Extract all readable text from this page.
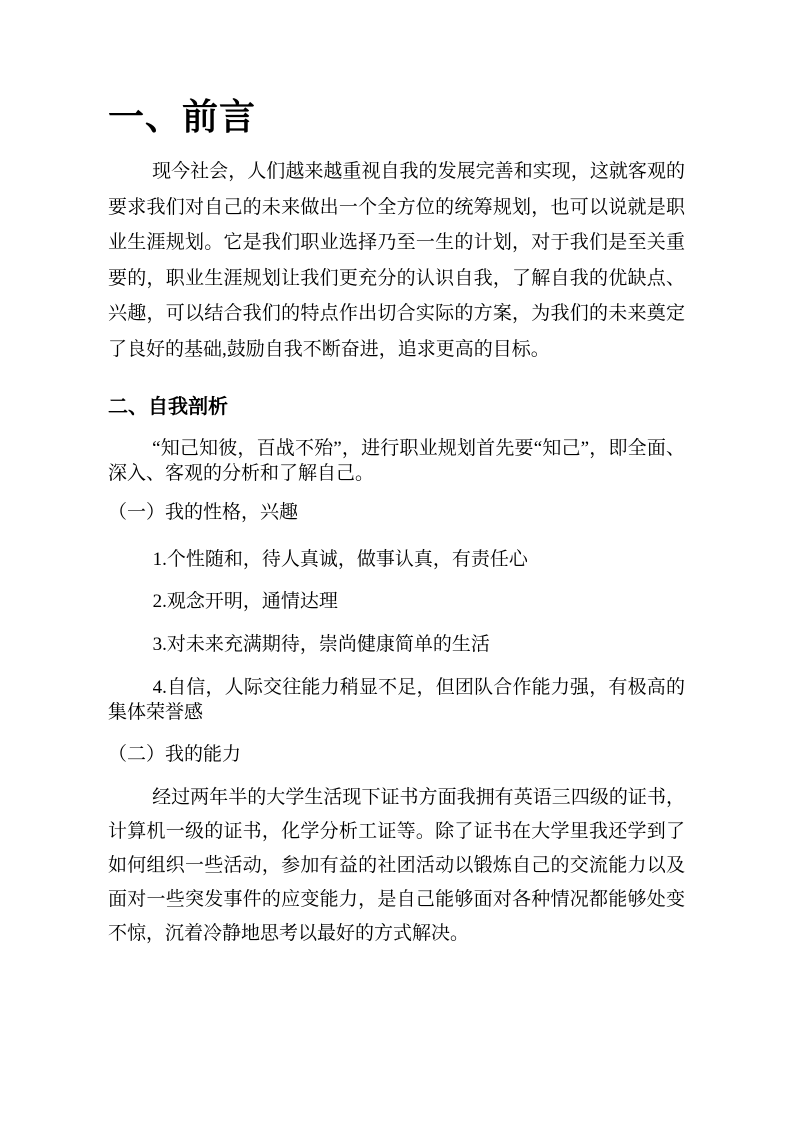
一、前言

现今社会，人们越来越重视自我的发展完善和实现，这就客观的要求我们对自己的未来做出一个全方位的统筹规划，也可以说就是职业生涯规划。它是我们职业选择乃至一生的计划，对于我们是至关重要的，职业生涯规划让我们更充分的认识自我，了解自我的优缺点、兴趣，可以结合我们的特点作出切合实际的方案，为我们的未来奠定了良好的基础,鼓励自我不断奋进，追求更高的目标。

二、自我剖析

“知己知彼，百战不殆”，进行职业规划首先要“知己”，即全面、深入、客观的分析和了解自己。

（一）我的性格，兴趣

1.个性随和，待人真诚，做事认真，有责任心

2.观念开明，通情达理

3.对未来充满期待，崇尚健康简单的生活

4.自信，人际交往能力稍显不足，但团队合作能力强，有极高的集体荣誉感

（二）我的能力

经过两年半的大学生活现下证书方面我拥有英语三四级的证书，计算机一级的证书，化学分析工证等。除了证书在大学里我还学到了如何组织一些活动，参加有益的社团活动以锻炼自己的交流能力以及面对一些突发事件的应变能力，是自己能够面对各种情况都能够处变不惊，沉着冷静地思考以最好的方式解决。
